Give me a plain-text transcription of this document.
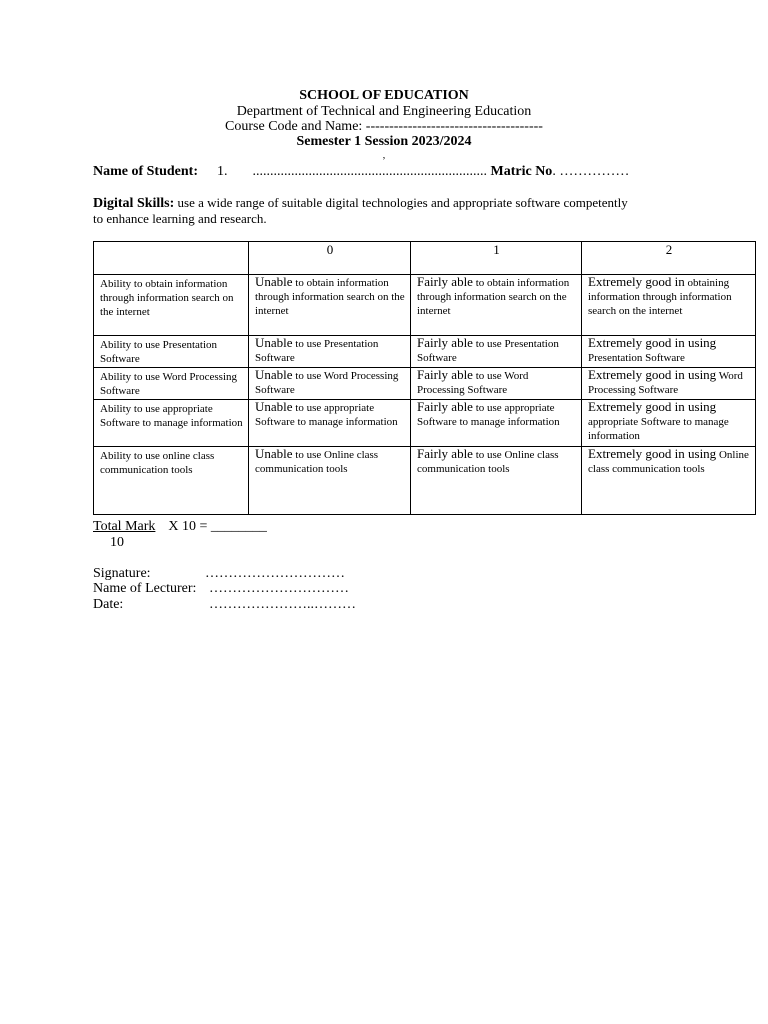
SCHOOL OF EDUCATION
Department of Technical and Engineering Education
Course Code and Name: --------------------------------------
Semester 1 Session 2023/2024
,
Name of Student: 1. ................................................................... Matric No. ……………
Digital Skills: use a wide range of suitable digital technologies and appropriate software competently
to enhance learning and research.
	0	1	2
Ability to obtain information through information search on the internet	Unable to obtain information through information search on the internet	Fairly able to obtain information through information search on the internet	Extremely good in obtaining information through information search on the internet
Ability to use Presentation Software	Unable to use Presentation Software	Fairly able to use Presentation Software	Extremely good in using Presentation Software
Ability to use Word Processing Software	Unable to use Word Processing Software	Fairly able to use Word Processing Software	Extremely good in using Word Processing Software
Ability to use appropriate Software to manage information	Unable to use appropriate Software to manage information	Fairly able to use appropriate Software to manage information	Extremely good in using appropriate Software to manage information
Ability to use online class communication tools	Unable to use Online class communication tools	Fairly able to use Online class communication tools	Extremely good in using Online class communication tools
Total Mark X 10 = ________
10
Signature:	…………………………
Name of Lecturer: …………………………
Date:	…………………..………
